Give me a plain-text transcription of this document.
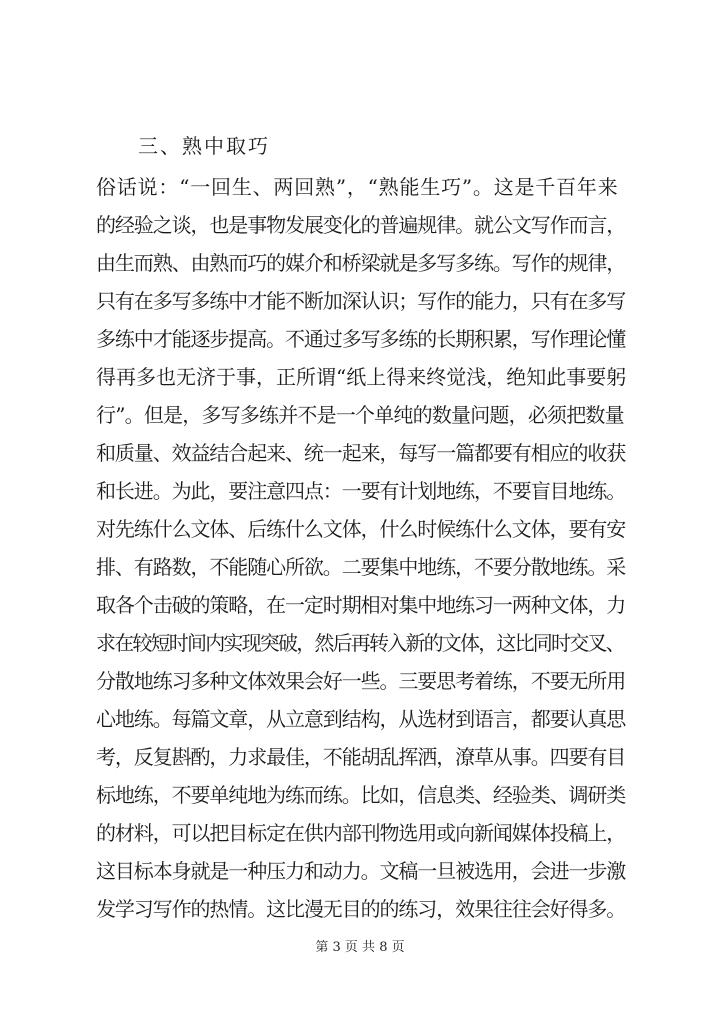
三、熟中取巧
俗话说：“一回生、两回熟”，“熟能生巧”。这是千百年来
的经验之谈，也是事物发展变化的普遍规律。就公文写作而言，
由生而熟、由熟而巧的媒介和桥梁就是多写多练。写作的规律，
只有在多写多练中才能不断加深认识；写作的能力，只有在多写
多练中才能逐步提高。不通过多写多练的长期积累，写作理论懂
得再多也无济于事，正所谓“纸上得来终觉浅，绝知此事要躬
行”。但是，多写多练并不是一个单纯的数量问题，必须把数量
和质量、效益结合起来、统一起来，每写一篇都要有相应的收获
和长进。为此，要注意四点：一要有计划地练，不要盲目地练。
对先练什么文体、后练什么文体，什么时候练什么文体，要有安
排、有路数，不能随心所欲。二要集中地练，不要分散地练。采
取各个击破的策略，在一定时期相对集中地练习一两种文体，力
求在较短时间内实现突破，然后再转入新的文体，这比同时交叉、
分散地练习多种文体效果会好一些。三要思考着练，不要无所用
心地练。每篇文章，从立意到结构，从选材到语言，都要认真思
考，反复斟酌，力求最佳，不能胡乱挥洒，潦草从事。四要有目
标地练，不要单纯地为练而练。比如，信息类、经验类、调研类
的材料，可以把目标定在供内部刊物选用或向新闻媒体投稿上，
这目标本身就是一种压力和动力。文稿一旦被选用，会进一步激
发学习写作的热情。这比漫无目的的练习，效果往往会好得多。
第 3 页 共 8 页
